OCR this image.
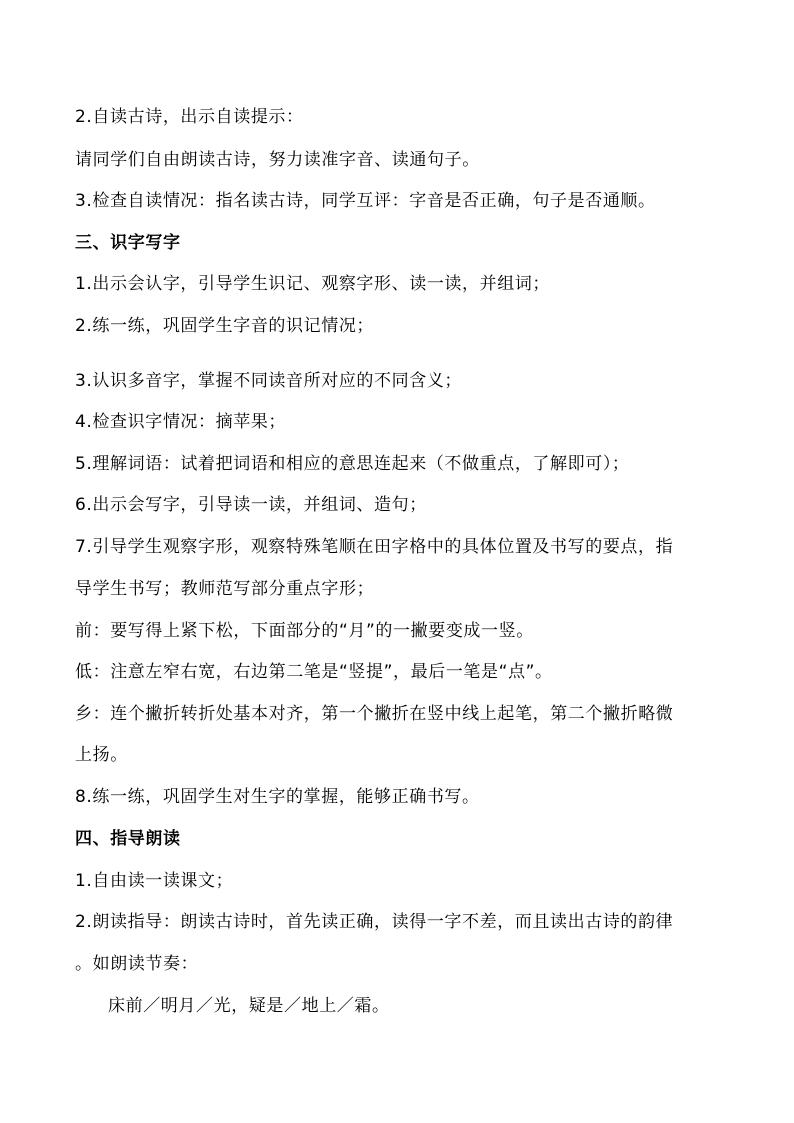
2.自读古诗，出示自读提示：

请同学们自由朗读古诗，努力读准字音、读通句子。

3.检查自读情况：指名读古诗，同学互评：字音是否正确，句子是否通顺。

三、识字写字

1.出示会认字，引导学生识记、观察字形、读一读，并组词；

2.练一练，巩固学生字音的识记情况；

3.认识多音字，掌握不同读音所对应的不同含义；

4.检查识字情况：摘苹果；

5.理解词语：试着把词语和相应的意思连起来（不做重点，了解即可）；

6.出示会写字，引导读一读，并组词、造句；

7.引导学生观察字形，观察特殊笔顺在田字格中的具体位置及书写的要点，指

导学生书写；教师范写部分重点字形；

前：要写得上紧下松，下面部分的“月”的一撇要变成一竖。

低：注意左窄右宽，右边第二笔是“竖提”，最后一笔是“点”。

乡：连个撇折转折处基本对齐，第一个撇折在竖中线上起笔，第二个撇折略微

上扬。

8.练一练，巩固学生对生字的掌握，能够正确书写。

四、指导朗读

1.自由读一读课文；

2.朗读指导：朗读古诗时，首先读正确，读得一字不差，而且读出古诗的韵律

。如朗读节奏：

床前／明月／光，疑是／地上／霜。
